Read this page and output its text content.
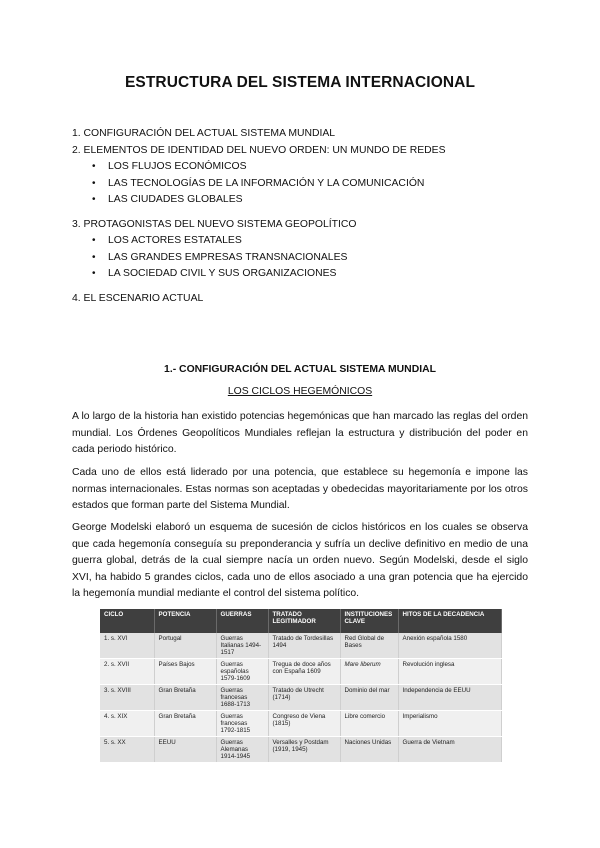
ESTRUCTURA DEL SISTEMA INTERNACIONAL
1. CONFIGURACIÓN DEL ACTUAL SISTEMA MUNDIAL
2. ELEMENTOS DE IDENTIDAD DEL NUEVO ORDEN: UN MUNDO DE REDES
• LOS FLUJOS ECONÓMICOS
• LAS TECNOLOGÍAS DE LA INFORMACIÓN Y LA COMUNICACIÓN
• LAS CIUDADES GLOBALES
3. PROTAGONISTAS DEL NUEVO SISTEMA GEOPOLÍTICO
• LOS ACTORES ESTATALES
• LAS GRANDES EMPRESAS TRANSNACIONALES
• LA SOCIEDAD CIVIL Y SUS ORGANIZACIONES
4. EL ESCENARIO ACTUAL
1.- CONFIGURACIÓN DEL ACTUAL SISTEMA MUNDIAL
LOS CICLOS HEGEMÓNICOS
A lo largo de la historia han existido potencias hegemónicas que han marcado las reglas del orden mundial. Los Órdenes Geopolíticos Mundiales reflejan la estructura y distribución del poder en cada periodo histórico.
Cada uno de ellos está liderado por una potencia, que establece su hegemonía e impone las normas internacionales. Estas normas son aceptadas y obedecidas mayoritariamente por los otros estados que forman parte del Sistema Mundial.
George Modelski elaboró un esquema de sucesión de ciclos históricos en los cuales se observa que cada hegemonía conseguía su preponderancia y sufría un declive definitivo en medio de una guerra global, detrás de la cual siempre nacía un orden nuevo. Según Modelski, desde el siglo XVI, ha habido 5 grandes ciclos, cada uno de ellos asociado a una gran potencia que ha ejercido la hegemonía mundial mediante el control del sistema político.
CICLO	POTENCIA	GUERRAS	TRATADO LEGITIMADOR	INSTITUCIONES CLAVE	HITOS DE LA DECADENCIA
1. s. XVI	Portugal	Guerras Italianas 1494-1517	Tratado de Tordesillas 1494	Red Global de Bases	Anexión española 1580
2. s. XVII	Países Bajos	Guerras españolas 1579-1609	Tregua de doce años con España 1609	Mare liberum	Revolución inglesa
3. s. XVIII	Gran Bretaña	Guerras francesas 1688-1713	Tratado de Utrecht (1714)	Dominio del mar	Independencia de EEUU
4. s. XIX	Gran Bretaña	Guerras francesas 1792-1815	Congreso de Viena (1815)	Libre comercio	Imperialismo
5. s. XX	EEUU	Guerras Alemanas 1914-1945	Versalles y Postdam (1919, 1945)	Naciones Unidas	Guerra de Vietnam
